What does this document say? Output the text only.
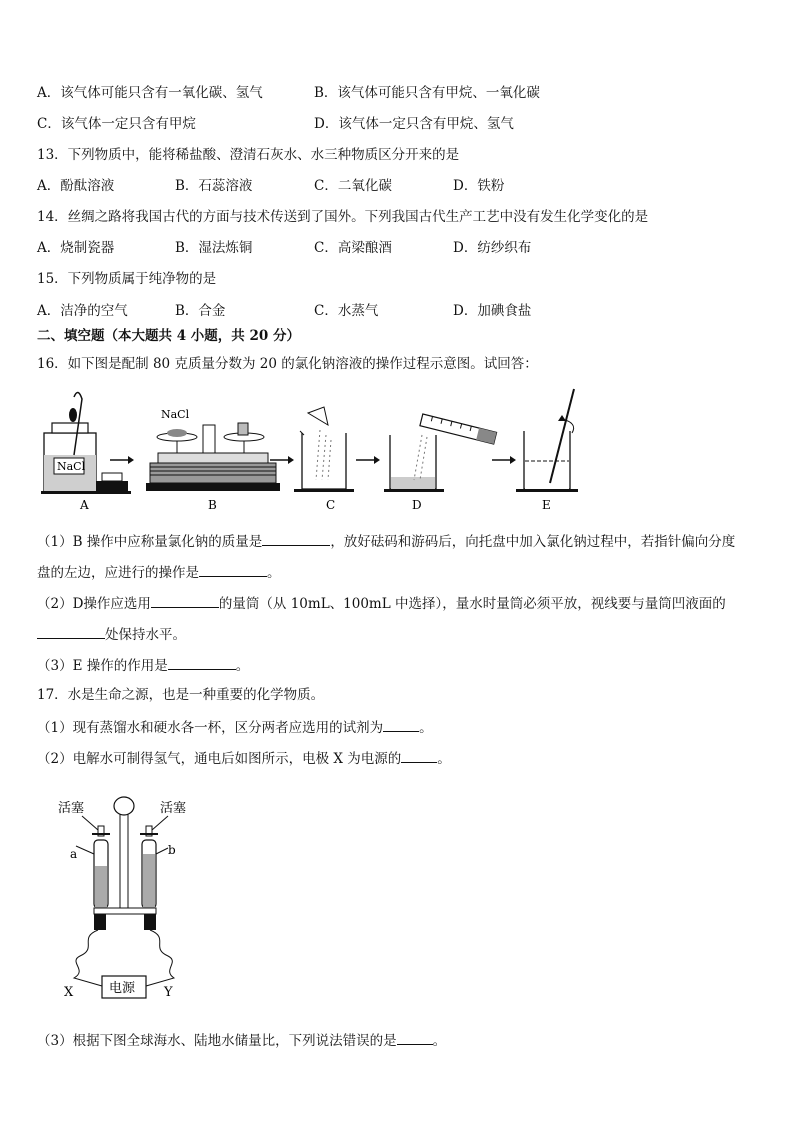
A．该气体可能只含有一氧化碳、氢气	B．该气体可能只含有甲烷、一氧化碳
C．该气体一定只含有甲烷	D．该气体一定只含有甲烷、氢气
13．下列物质中，能将稀盐酸、澄清石灰水、水三种物质区分开来的是
A．酚酞溶液	B．石蕊溶液	C．二氧化碳	D．铁粉
14．丝绸之路将我国古代的方面与技术传送到了国外。下列我国古代生产工艺中没有发生化学变化的是
A．烧制瓷器	B．湿法炼铜	C．高梁酿酒	D．纺纱织布
15．下列物质属于纯净物的是
A．洁净的空气	B．合金	C．水蒸气	D．加碘食盐
二、填空题（本大题共 4 小题，共 20 分）
16．如下图是配制 80 克质量分数为 20 的氯化钠溶液的操作过程示意图。试回答：
NaCl
NaCl
A	B	C	D	E
（1）B 操作中应称量氯化钠的质量是	，放好砝码和游码后，向托盘中加入氯化钠过程中，若指针偏向分度
盘的左边，应进行的操作是	。
（2）D操作应选用	的量筒（从 10mL、100mL 中选择），量水时量筒必须平放，视线要与量筒凹液面的
处保持水平。
（3）E 操作的作用是	。
17．水是生命之源，也是一种重要的化学物质。
（1）现有蒸馏水和硬水各一杯，区分两者应选用的试剂为	。
（2）电解水可制得氢气，通电后如图所示，电极 X 为电源的	。
活塞	活塞
a	b
电源
X	Y
（3）根据下图全球海水、陆地水储量比，下列说法错误的是	。
